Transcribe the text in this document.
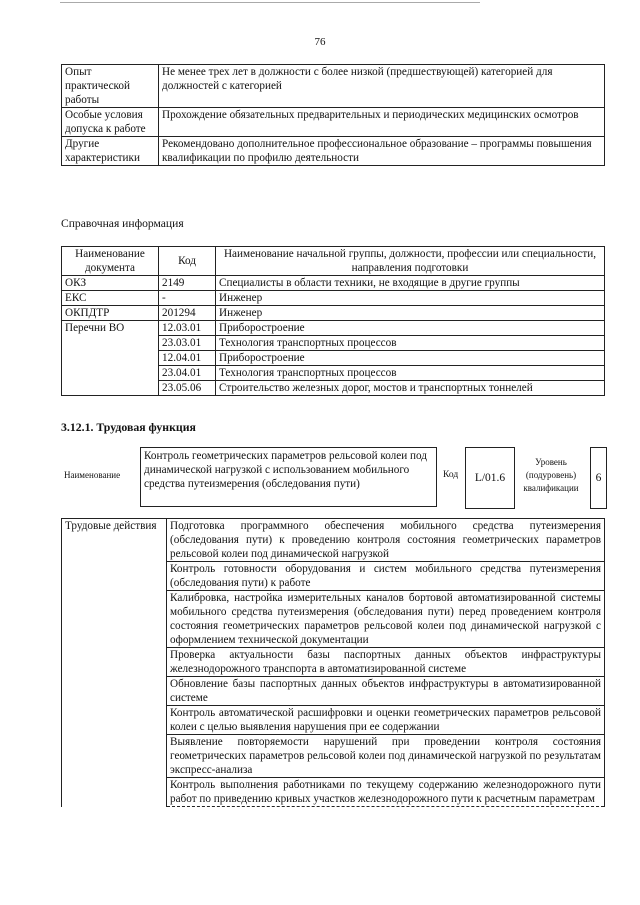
76
Опыт практической работы	Не менее трех лет в должности с более низкой (предшествующей) категорией для должностей с категорией
Особые условия допуска к работе	Прохождение обязательных предварительных и периодических медицинских осмотров
Другие характеристики	Рекомендовано дополнительное профессиональное образование – программы повышения квалификации по профилю деятельности
Справочная информация
Наименование документа	Код	Наименование начальной группы, должности, профессии или специальности, направления подготовки
ОКЗ	2149	Специалисты в области техники, не входящие в другие группы
ЕКС	-	Инженер
ОКПДТР	201294	Инженер
Перечни ВО	12.03.01	Приборостроение
	23.03.01	Технология транспортных процессов
	12.04.01	Приборостроение
	23.04.01	Технология транспортных процессов
	23.05.06	Строительство железных дорог, мостов и транспортных тоннелей
3.12.1. Трудовая функция
Наименование
Контроль геометрических параметров рельсовой колеи под динамической нагрузкой с использованием мобильного средства путеизмерения (обследования пути)
Код	L/01.6
Уровень (подуровень) квалификации
6
Трудовые действия	Подготовка программного обеспечения мобильного средства путеизмерения (обследования пути) к проведению контроля состояния геометрических параметров рельсовой колеи под динамической нагрузкой
Контроль готовности оборудования и систем мобильного средства путеизмерения (обследования пути) к работе
Калибровка, настройка измерительных каналов бортовой автоматизированной системы мобильного средства путеизмерения (обследования пути) перед проведением контроля состояния геометрических параметров рельсовой колеи под динамической нагрузкой с оформлением технической документации
Проверка актуальности базы паспортных данных объектов инфраструктуры железнодорожного транспорта в автоматизированной системе
Обновление базы паспортных данных объектов инфраструктуры в автоматизированной системе
Контроль автоматической расшифровки и оценки геометрических параметров рельсовой колеи с целью выявления нарушения при ее содержании
Выявление повторяемости нарушений при проведении контроля состояния геометрических параметров рельсовой колеи под динамической нагрузкой по результатам экспресс-анализа
Контроль выполнения работниками по текущему содержанию железнодорожного пути работ по приведению кривых участков железнодорожного пути к расчетным параметрам
